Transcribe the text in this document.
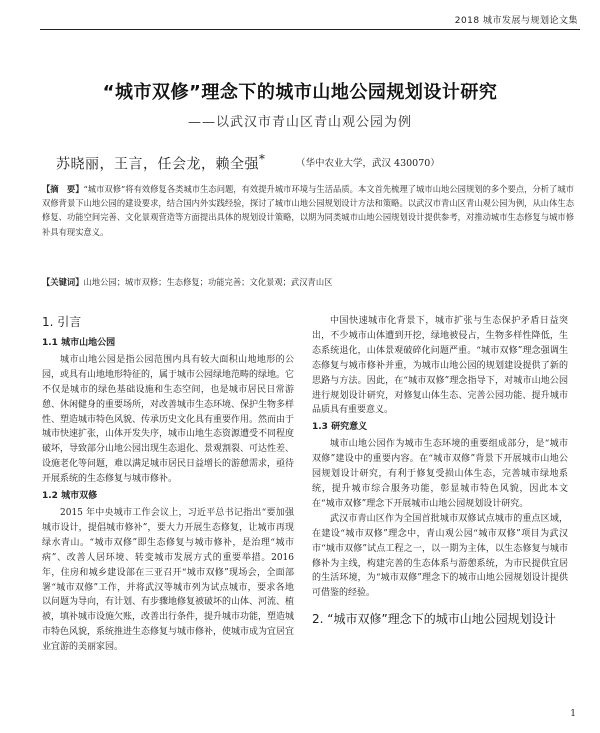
2018 城市发展与规划论文集
“城市双修”理念下的城市山地公园规划设计研究
——以武汉市青山区青山观公园为例
苏晓丽，王言，任会龙，赖全强*	（华中农业大学，武汉 430070）
【摘　要】“城市双修”将有效修复各类城市生态问题，有效提升城市环境与生活品质。本文首先梳理了城市山地公园规划的多个要点，分析了城市双修背景下山地公园的建设要求，结合国内外实践经验，探讨了城市山地公园规划设计方法和策略。以武汉市青山区青山观公园为例，从山体生态修复、功能空间完善、文化景观营造等方面提出具体的规划设计策略，以期为同类城市山地公园规划设计提供参考，对推动城市生态修复与城市修补具有现实意义。
【关键词】山地公园；城市双修；生态修复；功能完善；文化景观；武汉青山区
1. 引言
1.1 城市山地公园

城市山地公园是指公园范围内具有较大面积山地地形的公园，或具有山地地形特征的，属于城市公园绿地范畴的绿地。它不仅是城市的绿色基础设施和生态空间，也是城市居民日常游憩、休闲健身的重要场所，对改善城市生态环境、保护生物多样性、塑造城市特色风貌、传承历史文化具有重要作用。然而由于城市快速扩张，山体开发失序，城市山地生态资源遭受不同程度破坏，导致部分山地公园出现生态退化、景观割裂、可达性差、设施老化等问题，难以满足城市居民日益增长的游憩需求，亟待开展系统的生态修复与城市修补。

1.2 城市双修

2015 年中央城市工作会议上，习近平总书记指出“要加强城市设计，提倡城市修补”，要大力开展生态修复，让城市再现绿水青山。“城市双修”即生态修复与城市修补，是治理“城市病”、改善人居环境、转变城市发展方式的重要举措。2016 年，住房和城乡建设部在三亚召开“城市双修”现场会，全面部署“城市双修”工作，并将武汉等城市列为试点城市，要求各地以问题为导向，有计划、有步骤地修复被破坏的山体、河流、植被，填补城市设施欠账，改善出行条件，提升城市功能，塑造城市特色风貌，系统推进生态修复与城市修补，使城市成为宜居宜业宜游的美丽家园。

中国快速城市化背景下，城市扩张与生态保护矛盾日益突出，不少城市山体遭到开挖，绿地被侵占，生物多样性降低，生态系统退化，山体景观破碎化问题严重。“城市双修”理念强调生态修复与城市修补并重，为城市山地公园的规划建设提供了新的思路与方法。因此，在“城市双修”理念指导下，对城市山地公园进行规划设计研究，对修复山体生态、完善公园功能、提升城市品质具有重要意义。

1.3 研究意义

城市山地公园作为城市生态环境的重要组成部分，是“城市双修”建设中的重要内容。在“城市双修”背景下开展城市山地公园规划设计研究，有利于修复受损山体生态，完善城市绿地系统，提升城市综合服务功能，彰显城市特色风貌，因此本文在“城市双修”理念下开展城市山地公园规划设计研究。

武汉市青山区作为全国首批城市双修试点城市的重点区域，在建设“城市双修”理念中，青山观公园“城市双修”项目为武汉市“城市双修”试点工程之一，以一期为主体，以生态修复与城市修补为主线，构建完善的生态体系与游憩系统，为市民提供宜居的生活环境，为“城市双修”理念下的城市山地公园规划设计提供可借鉴的经验。

2. “城市双修”理念下的城市山地公园规划设计
1
